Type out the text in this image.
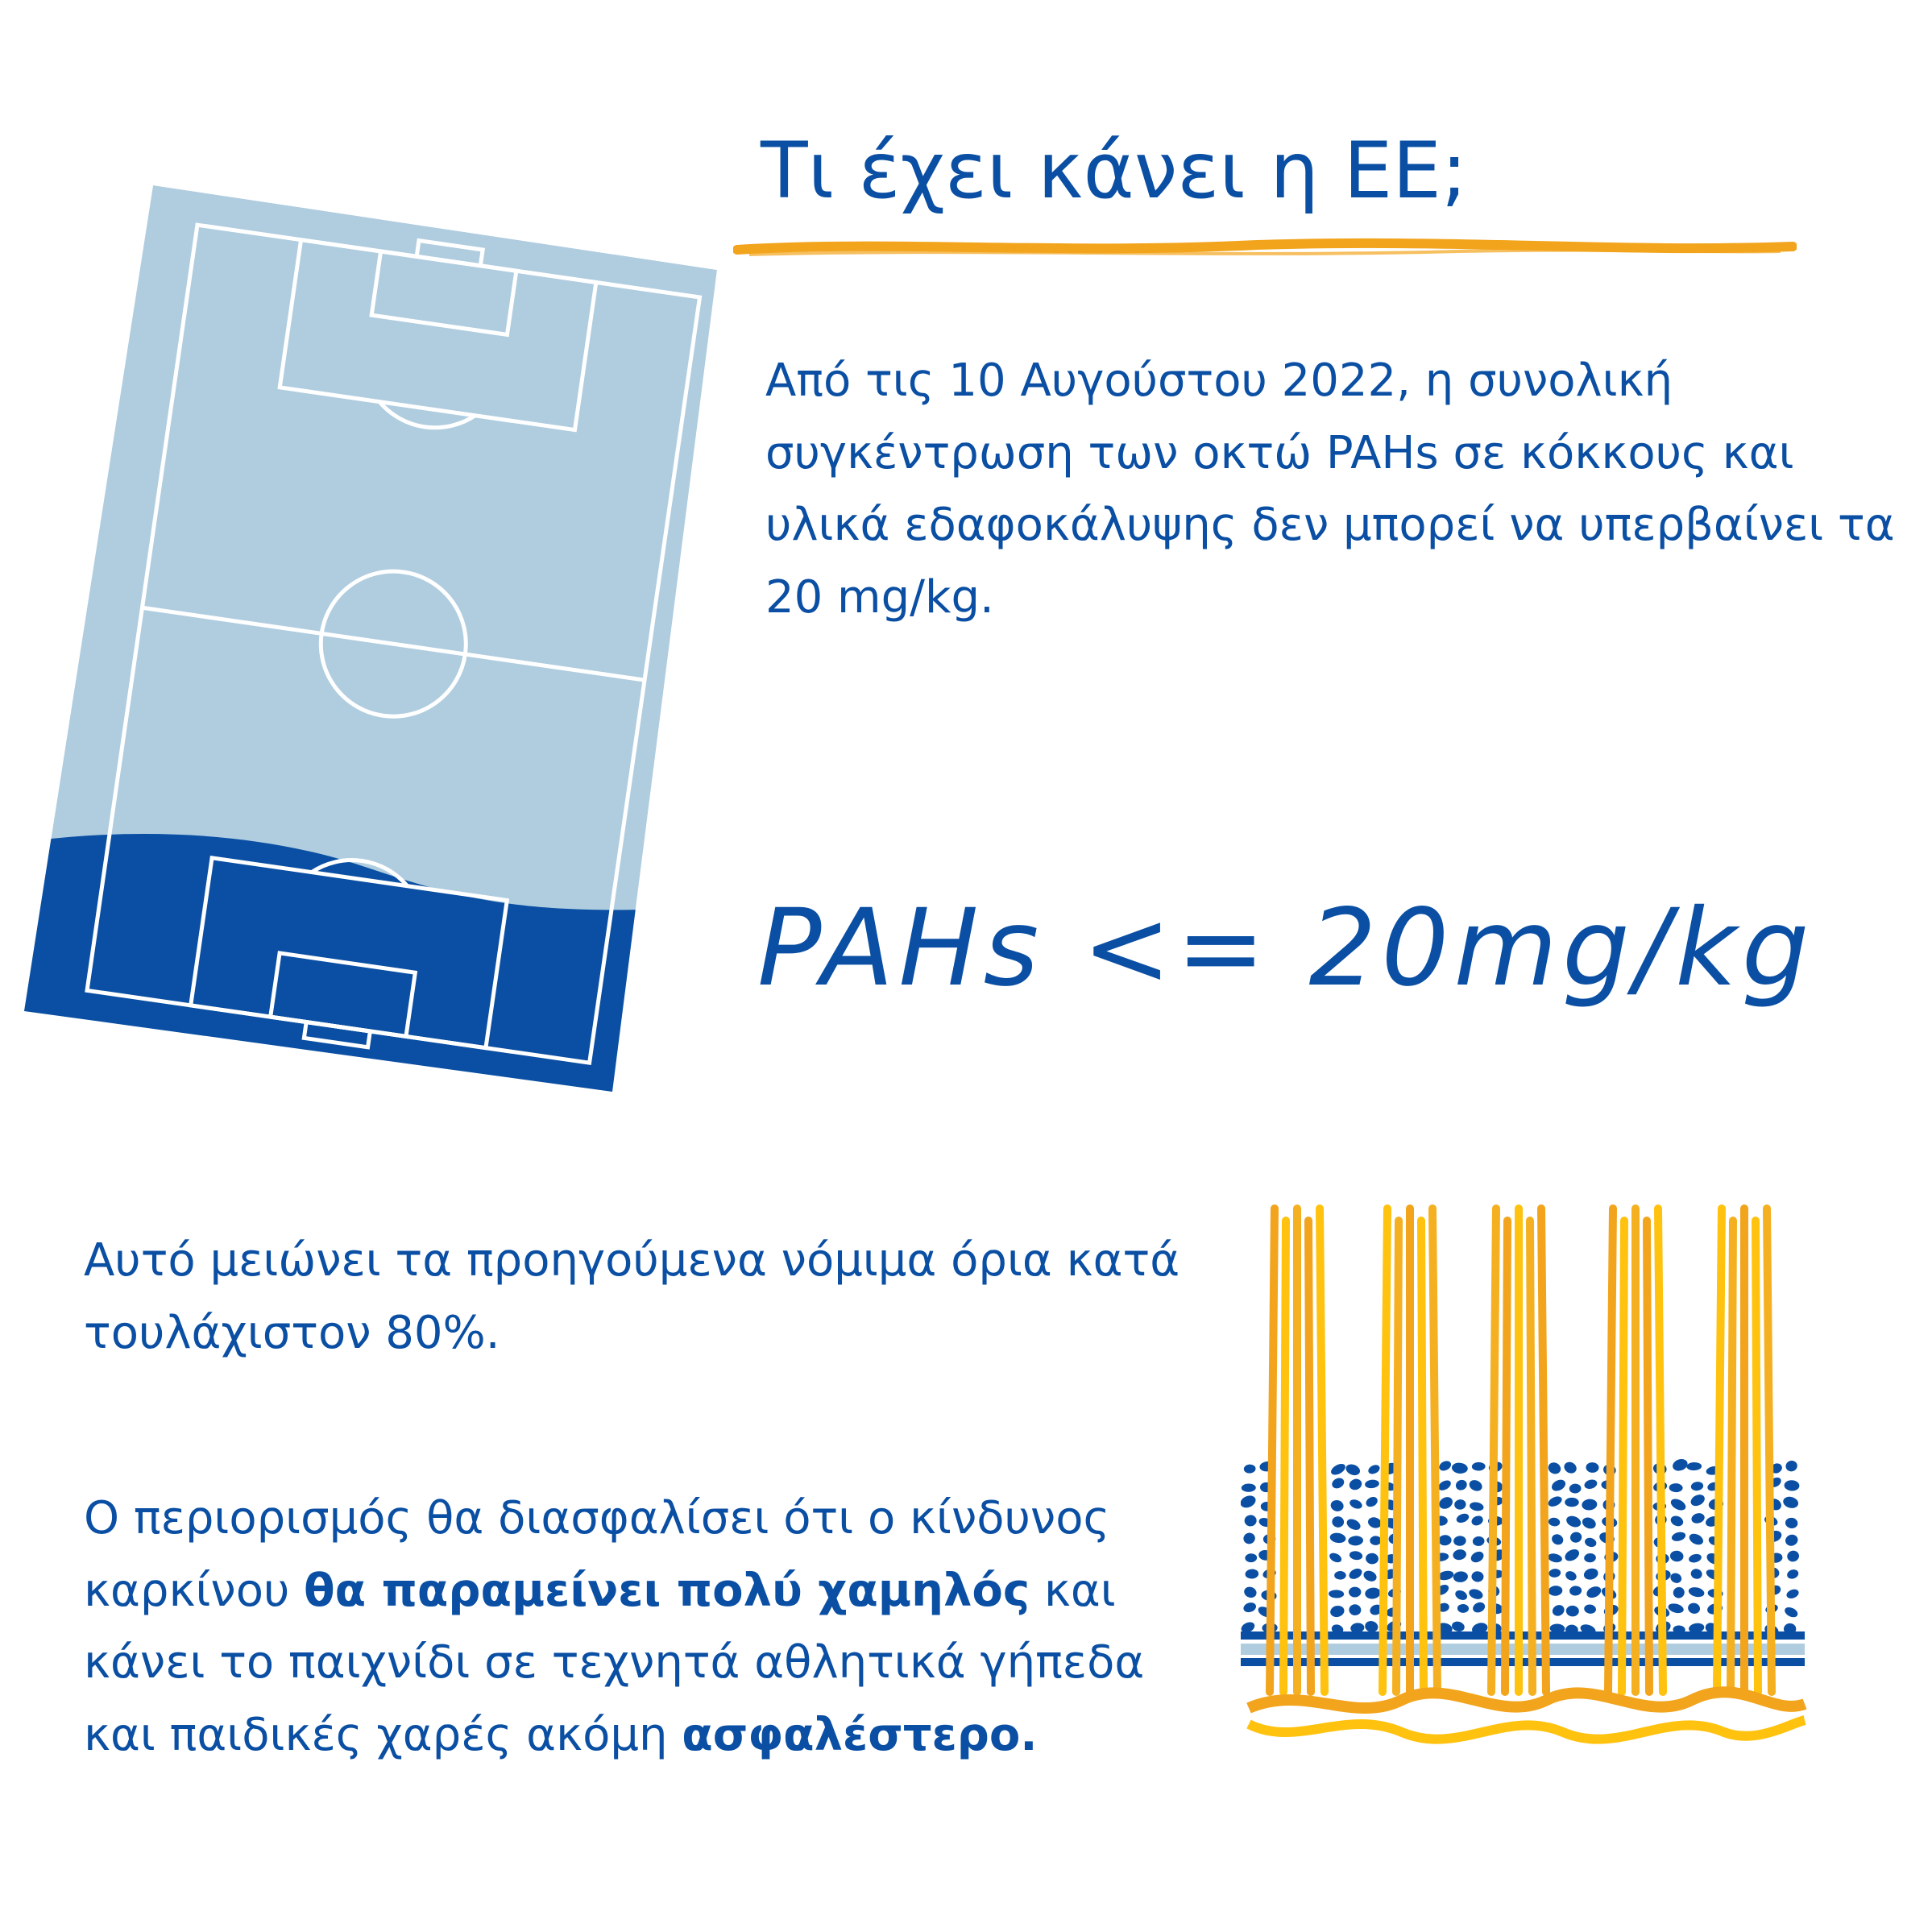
Τι έχει κάνει η ΕΕ;

Από τις 10 Αυγούστου 2022, η συνολική συγκέντρωση των οκτώ PAHs σε κόκκους και υλικά εδαφοκάλυψης δεν μπορεί να υπερβαίνει τα 20 mg/kg.

PAHs <= 20mg/kg

Αυτό μειώνει τα προηγούμενα νόμιμα όρια κατά τουλάχιστον 80%.

Ο περιορισμός θα διασφαλίσει ότι ο κίνδυνος καρκίνου θα παραμείνει πολύ χαμηλός και κάνει το παιχνίδι σε τεχνητά αθλητικά γήπεδα και παιδικές χαρές ακόμη ασφαλέστερο.
